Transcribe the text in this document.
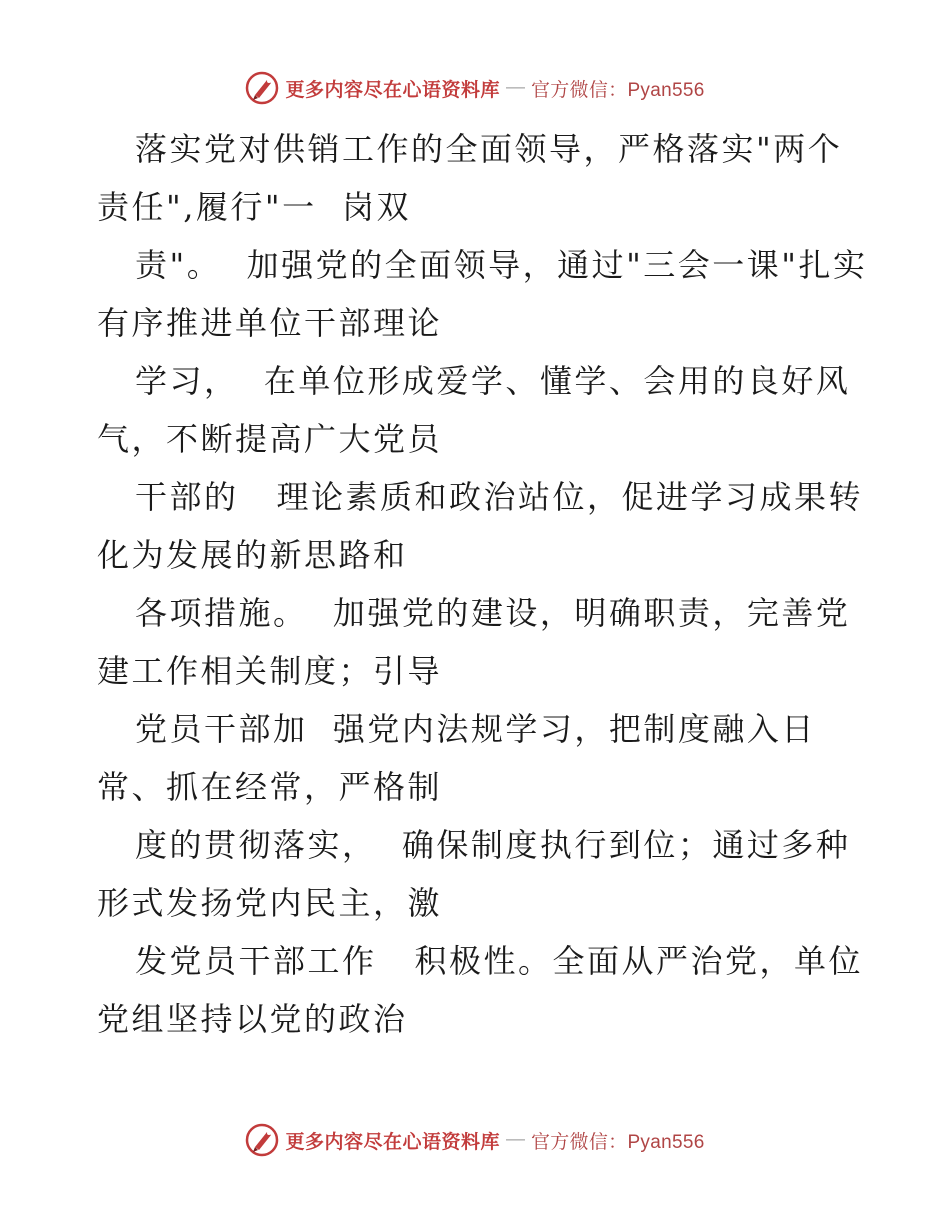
更多内容尽在心语资料库 — 官方微信：Pyan556
落实党对供销工作的全面领导，严格落实"两个
责任",履行"一  岗双
责"。  加强党的全面领导，通过"三会一课"扎实
有序推进单位干部理论
学习，  在单位形成爱学、懂学、会用的良好风
气，不断提高广大党员
干部的   理论素质和政治站位，促进学习成果转
化为发展的新思路和
各项措施。  加强党的建设，明确职责，完善党
建工作相关制度；引导
党员干部加  强党内法规学习，把制度融入日
常、抓在经常，严格制
度的贯彻落实，  确保制度执行到位；通过多种
形式发扬党内民主，激
发党员干部工作   积极性。全面从严治党，单位
党组坚持以党的政治
更多内容尽在心语资料库 — 官方微信：Pyan556
